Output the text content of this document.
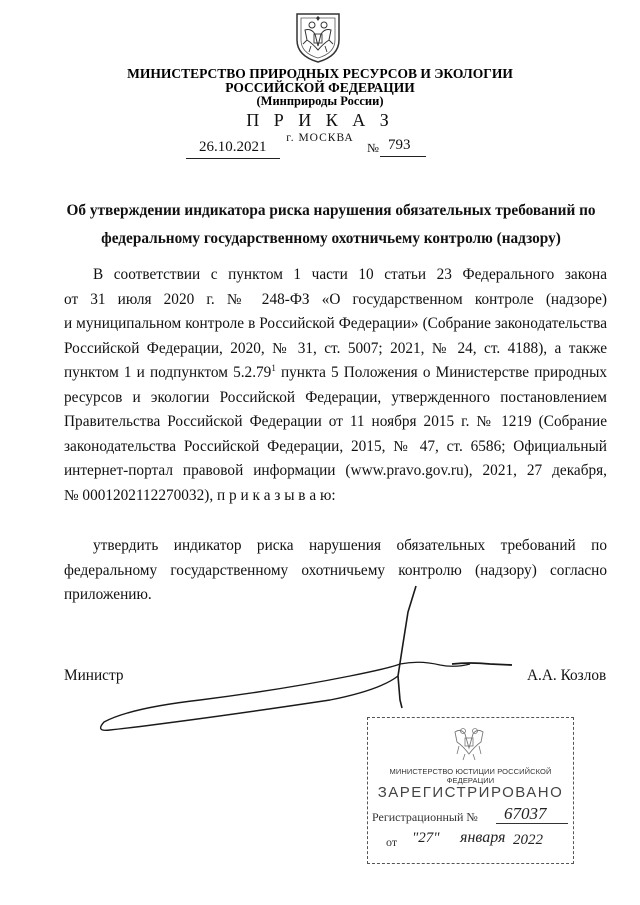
МИНИСТЕРСТВО ПРИРОДНЫХ РЕСУРСОВ И ЭКОЛОГИИ
РОССИЙСКОЙ ФЕДЕРАЦИИ
(Минприроды России)
П Р И К А З
г. МОСКВА
26.10.2021	№ 793
Об утверждении индикатора риска нарушения обязательных требований по
федеральному государственному охотничьему контролю (надзору)
В соответствии с пунктом 1 части 10 статьи 23 Федерального закона
от 31 июля 2020 г. № 248-ФЗ «О государственном контроле (надзоре)
и муниципальном контроле в Российской Федерации» (Собрание законодательства
Российской Федерации, 2020, № 31, ст. 5007; 2021, № 24, ст. 4188), а также
пунктом 1 и подпунктом 5.2.79$^1$ пункта 5 Положения о Министерстве природных
ресурсов и экологии Российской Федерации, утвержденного постановлением
Правительства Российской Федерации от 11 ноября 2015 г. № 1219 (Собрание
законодательства Российской Федерации, 2015, № 47, ст. 6586; Официальный
интернет-портал правовой информации (www.pravo.gov.ru), 2021, 27 декабря,
№ 0001202112270032), п р и к а з ы в а ю:
утвердить индикатор риска нарушения обязательных требований по
федеральному государственному охотничьему контролю (надзору) согласно
приложению.
Министр	А.А. Козлов
МИНИСТЕРСТВО ЮСТИЦИИ РОССИЙСКОЙ ФЕДЕРАЦИИ
ЗАРЕГИСТРИРОВАНО
Регистрационный № 67037
от "27" января 2022
